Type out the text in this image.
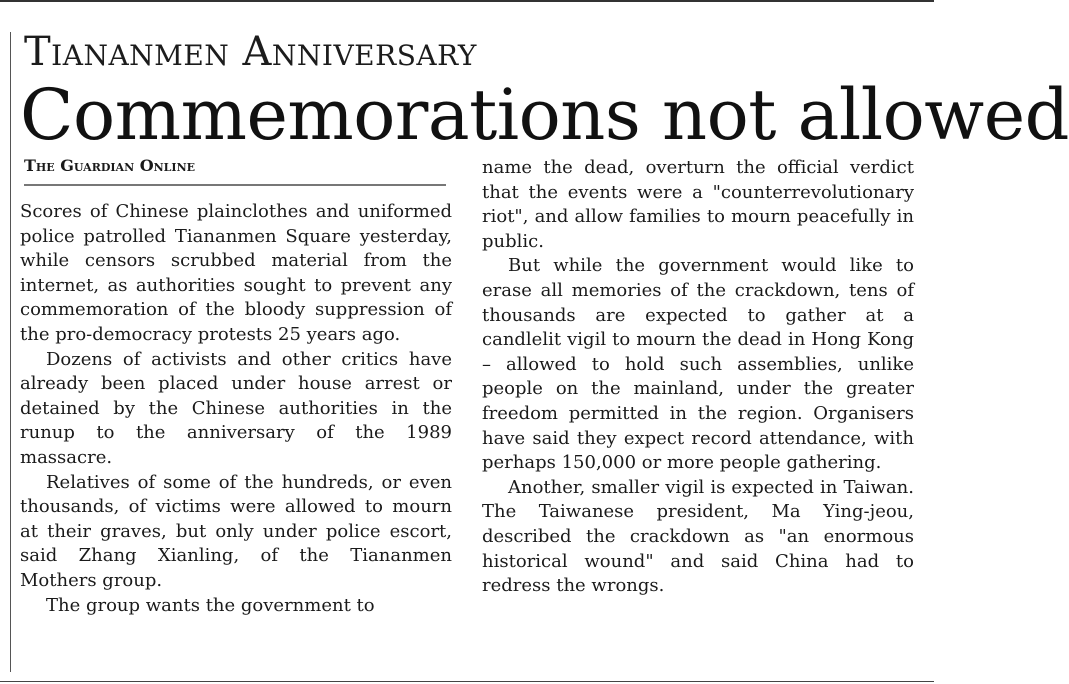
Tiananmen Anniversary
Commemorations not allowed
The Guardian Online

Scores of Chinese plainclothes and uniformed police patrolled Tiananmen Square yesterday, while censors scrubbed material from the internet, as authorities sought to prevent any commemoration of the bloody suppression of the pro-democracy protests 25 years ago.

Dozens of activists and other critics have already been placed under house arrest or detained by the Chinese authorities in the runup to the anniversary of the 1989 massacre.

Relatives of some of the hundreds, or even thousands, of victims were allowed to mourn at their graves, but only under police escort, said Zhang Xianling, of the Tiananmen Mothers group.

The group wants the government to

name the dead, overturn the official verdict that the events were a "counterrevolutionary riot", and allow families to mourn peacefully in public.

But while the government would like to erase all memories of the crackdown, tens of thousands are expected to gather at a candlelit vigil to mourn the dead in Hong Kong – allowed to hold such assemblies, unlike people on the mainland, under the greater freedom permitted in the region. Organisers have said they expect record attendance, with perhaps 150,000 or more people gathering.

Another, smaller vigil is expected in Taiwan. The Taiwanese president, Ma Ying-jeou, described the crackdown as "an enormous historical wound" and said China had to redress the wrongs.
